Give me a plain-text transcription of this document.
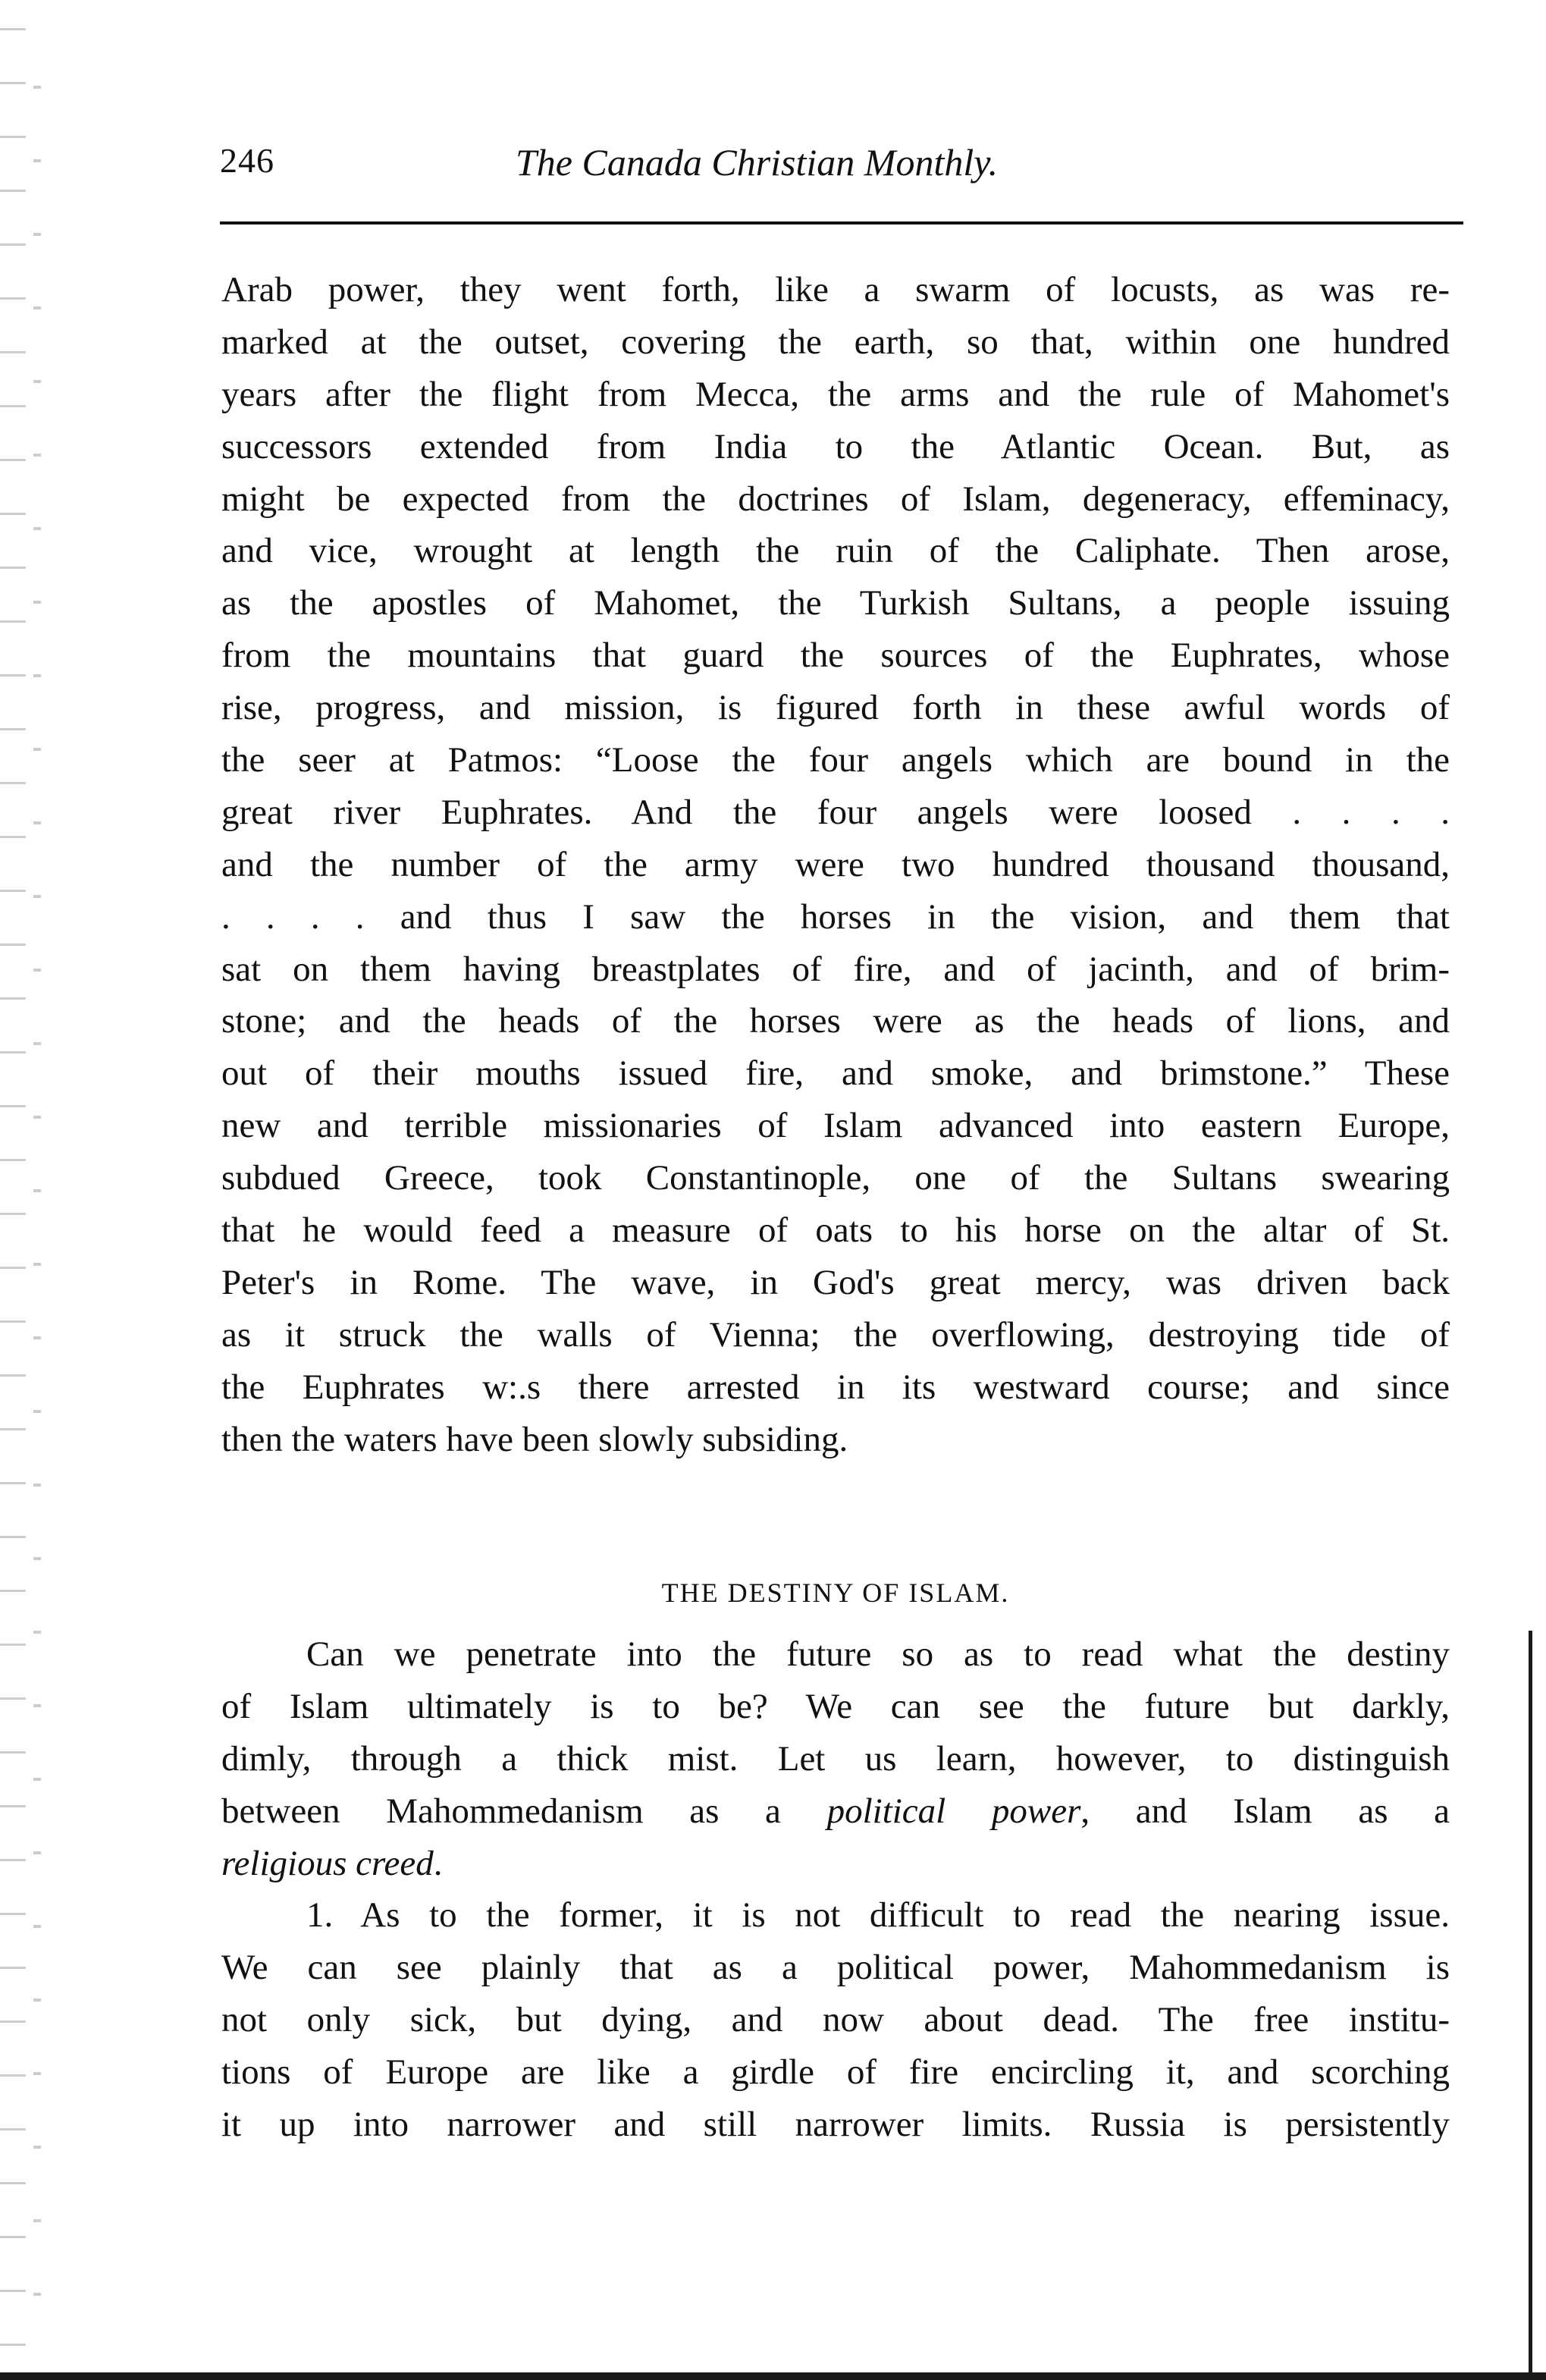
246	The Canada Christian Monthly.
Arab power, they went forth, like a swarm of locusts, as was re-
marked at the outset, covering the earth, so that, within one hundred
years after the flight from Mecca, the arms and the rule of Mahomet's
successors extended from India to the Atlantic Ocean. But, as
might be expected from the doctrines of Islam, degeneracy, effeminacy,
and vice, wrought at length the ruin of the Caliphate. Then arose,
as the apostles of Mahomet, the Turkish Sultans, a people issuing
from the mountains that guard the sources of the Euphrates, whose
rise, progress, and mission, is figured forth in these awful words of
the seer at Patmos: “Loose the four angels which are bound in the
great river Euphrates. And the four angels were loosed . . . .
and the number of the army were two hundred thousand thousand,
. . . . and thus I saw the horses in the vision, and them that
sat on them having breastplates of fire, and of jacinth, and of brim-
stone; and the heads of the horses were as the heads of lions, and
out of their mouths issued fire, and smoke, and brimstone.” These
new and terrible missionaries of Islam advanced into eastern Europe,
subdued Greece, took Constantinople, one of the Sultans swearing
that he would feed a measure of oats to his horse on the altar of St.
Peter's in Rome. The wave, in God's great mercy, was driven back
as it struck the walls of Vienna; the overflowing, destroying tide of
the Euphrates w:.s there arrested in its westward course; and since
then the waters have been slowly subsiding.
THE DESTINY OF ISLAM.
Can we penetrate into the future so as to read what the destiny
of Islam ultimately is to be? We can see the future but darkly,
dimly, through a thick mist. Let us learn, however, to distinguish
between Mahommedanism as a political power, and Islam as a
religious creed.
1. As to the former, it is not difficult to read the nearing issue.
We can see plainly that as a political power, Mahommedanism is
not only sick, but dying, and now about dead. The free institu-
tions of Europe are like a girdle of fire encircling it, and scorching
it up into narrower and still narrower limits. Russia is persistently
